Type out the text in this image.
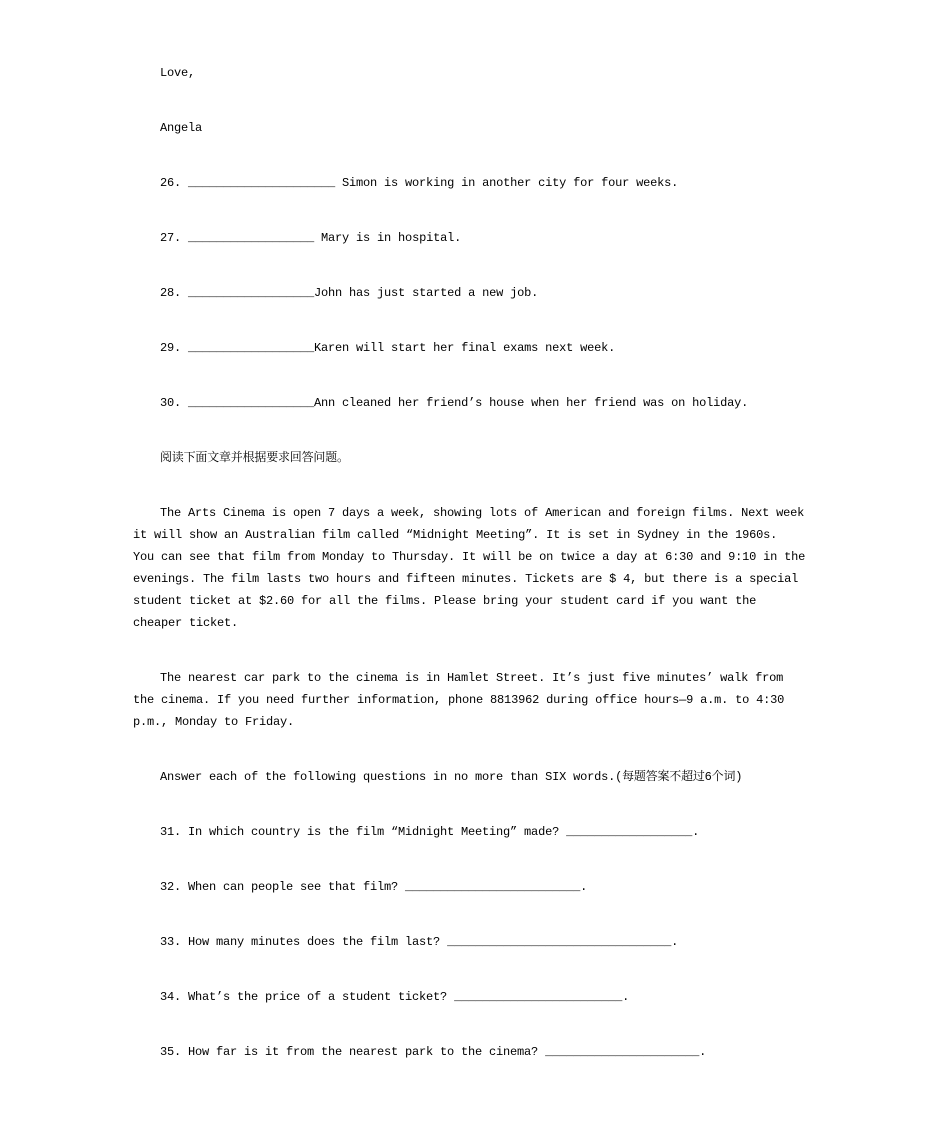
Love,
Angela
26. _____________________ Simon is working in another city for four weeks.
27. __________________ Mary is in hospital.
28. __________________John has just started a new job.
29. __________________Karen will start her final exams next week.
30. __________________Ann cleaned her friend’s house when her friend was on holiday.
阅读下面文章并根据要求回答问题。
The Arts Cinema is open 7 days a week, showing lots of American and foreign films. Next week
it will show an Australian film called “Midnight Meeting”. It is set in Sydney in the 1960s.
You can see that film from Monday to Thursday. It will be on twice a day at 6:30 and 9:10 in the
evenings. The film lasts two hours and fifteen minutes. Tickets are $ 4, but there is a special
student ticket at $2.60 for all the films. Please bring your student card if you want the
cheaper ticket.
The nearest car park to the cinema is in Hamlet Street. It’s just five minutes’ walk from
the cinema. If you need further information, phone 8813962 during office hours—9 a.m. to 4:30
p.m., Monday to Friday.
Answer each of the following questions in no more than SIX words.(每题答案不超过6个词)
31. In which country is the film “Midnight Meeting” made? __________________.
32. When can people see that film? _________________________.
33. How many minutes does the film last? ________________________________.
34. What’s the price of a student ticket? ________________________.
35. How far is it from the nearest park to the cinema? ______________________.
